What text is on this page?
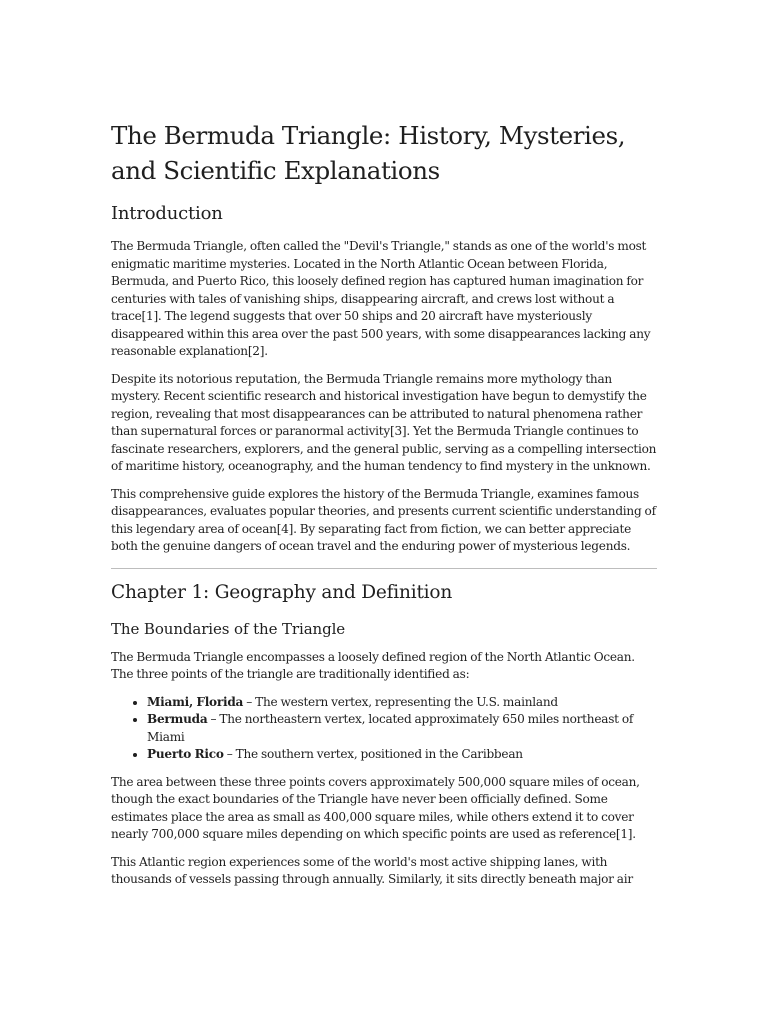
The Bermuda Triangle: History, Mysteries, and Scientific Explanations
Introduction

The Bermuda Triangle, often called the "Devil's Triangle," stands as one of the world's most enigmatic maritime mysteries. Located in the North Atlantic Ocean between Florida, Bermuda, and Puerto Rico, this loosely defined region has captured human imagination for centuries with tales of vanishing ships, disappearing aircraft, and crews lost without a trace[1]. The legend suggests that over 50 ships and 20 aircraft have mysteriously disappeared within this area over the past 500 years, with some disappearances lacking any reasonable explanation[2].

Despite its notorious reputation, the Bermuda Triangle remains more mythology than mystery. Recent scientific research and historical investigation have begun to demystify the region, revealing that most disappearances can be attributed to natural phenomena rather than supernatural forces or paranormal activity[3]. Yet the Bermuda Triangle continues to fascinate researchers, explorers, and the general public, serving as a compelling intersection of maritime history, oceanography, and the human tendency to find mystery in the unknown.

This comprehensive guide explores the history of the Bermuda Triangle, examines famous disappearances, evaluates popular theories, and presents current scientific understanding of this legendary area of ocean[4]. By separating fact from fiction, we can better appreciate both the genuine dangers of ocean travel and the enduring power of mysterious legends.

Chapter 1: Geography and Definition
The Boundaries of the Triangle

The Bermuda Triangle encompasses a loosely defined region of the North Atlantic Ocean. The three points of the triangle are traditionally identified as:

• Miami, Florida – The western vertex, representing the U.S. mainland
• Bermuda – The northeastern vertex, located approximately 650 miles northeast of Miami
• Puerto Rico – The southern vertex, positioned in the Caribbean

The area between these three points covers approximately 500,000 square miles of ocean, though the exact boundaries of the Triangle have never been officially defined. Some estimates place the area as small as 400,000 square miles, while others extend it to cover nearly 700,000 square miles depending on which specific points are used as reference[1].

This Atlantic region experiences some of the world's most active shipping lanes, with thousands of vessels passing through annually. Similarly, it sits directly beneath major air
